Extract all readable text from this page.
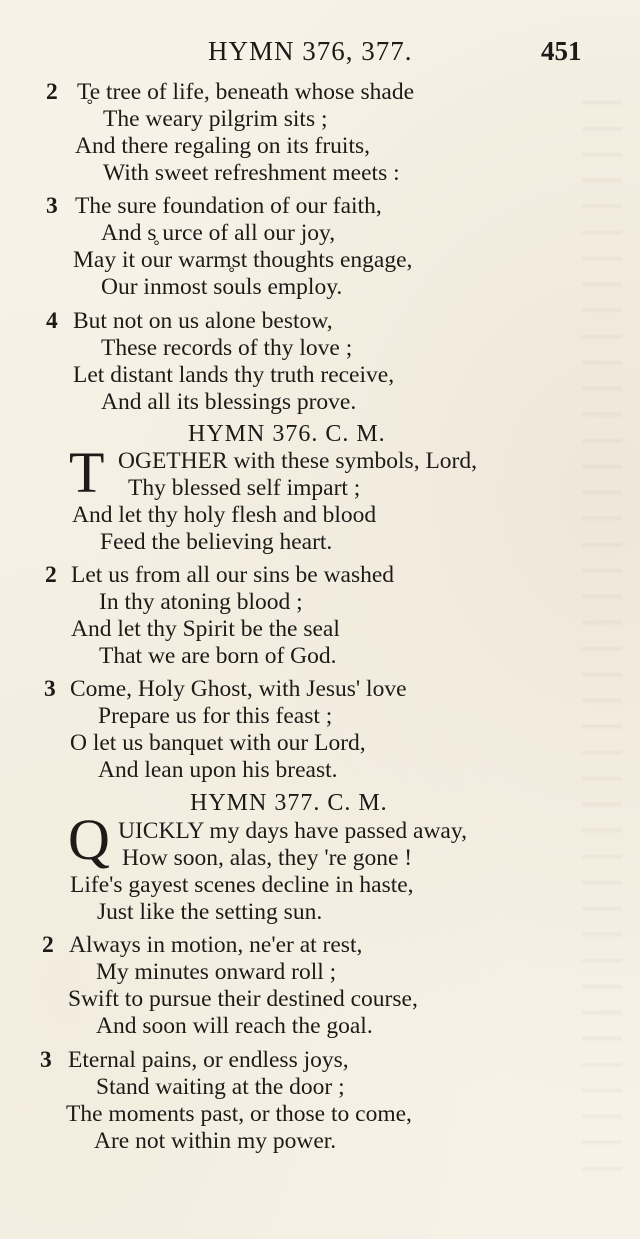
HYMN 376, 377.	451
2 T̥e tree of life, beneath whose shade
The weary pilgrim sits ;
And there regaling on its fruits,
With sweet refreshment meets :
3 The sure foundation of our faith,
And s̥ urce of all our joy,
May it our warm̥st thoughts engage,
Our inmost souls employ.
4 But not on us alone bestow,
These records of thy love ;
Let distant lands thy truth receive,
And all its blessings prove.
HYMN 376. C. M.
T OGETHER with these symbols, Lord,
Thy blessed self impart ;
And let thy holy flesh and blood
Feed the believing heart.
2 Let us from all our sins be washed
In thy atoning blood ;
And let thy Spirit be the seal
That we are born of God.
3 Come, Holy Ghost, with Jesus' love
Prepare us for this feast ;
O let us banquet with our Lord,
And lean upon his breast.
HYMN 377. C. M.
Q UICKLY my days have passed away,
How soon, alas, they 're gone !
Life's gayest scenes decline in haste,
Just like the setting sun.
2 Always in motion, ne'er at rest,
My minutes onward roll ;
Swift to pursue their destined course,
And soon will reach the goal.
3 Eternal pains, or endless joys,
Stand waiting at the door ;
The moments past, or those to come,
Are not within my power.
